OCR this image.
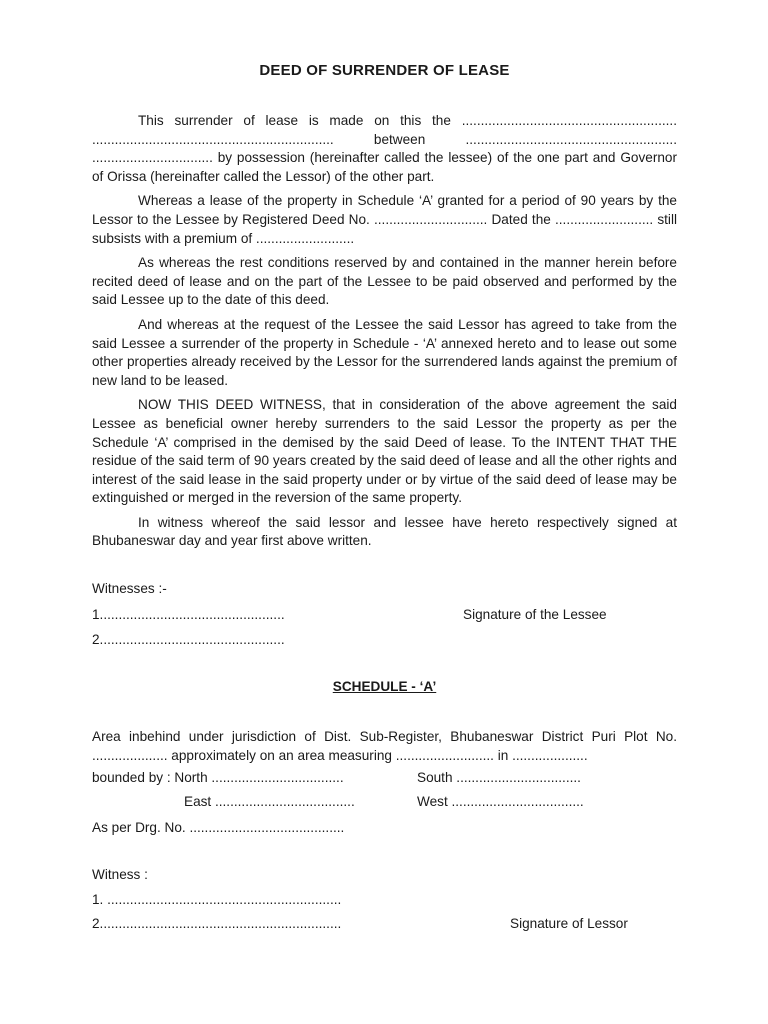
DEED OF SURRENDER OF LEASE

This surrender of lease is made on this the ......................................................... ................................................................ between ........................................................ ................................ by possession (hereinafter called the lessee) of the one part and Governor of Orissa (hereinafter called the Lessor) of the other part.

Whereas a lease of the property in Schedule ‘A’ granted for a period of 90 years by the Lessor to the Lessee by Registered Deed No. .............................. Dated the .......................... still subsists with a premium of ..........................

As whereas the rest conditions reserved by and contained in the manner herein before recited deed of lease and on the part of the Lessee to be paid observed and performed by the said Lessee up to the date of this deed.

And whereas at the request of the Lessee the said Lessor has agreed to take from the said Lessee a surrender of the property in Schedule - ‘A’ annexed hereto and to lease out some other properties already received by the Lessor for the surrendered lands against the premium of new land to be leased.

NOW THIS DEED WITNESS, that in consideration of the above agreement the said Lessee as beneficial owner hereby surrenders to the said Lessor the property as per the Schedule ‘A’ comprised in the demised by the said Deed of lease. To the INTENT THAT THE residue of the said term of 90 years created by the said deed of lease and all the other rights and interest of the said lease in the said property under or by virtue of the said deed of lease may be extinguished or merged in the reversion of the same property.

In witness whereof the said lessor and lessee have hereto respectively signed at Bhubaneswar day and year first above written.

Witnesses :-
1.................................................	Signature of the Lessee
2.................................................
SCHEDULE - ‘A’

Area inbehind under jurisdiction of Dist. Sub-Register, Bhubaneswar District Puri Plot No. .................... approximately on an area measuring .......................... in ....................

bounded by : North ...................................	South .................................
East .....................................	West ...................................
As per Drg. No. .........................................
Witness :
1. ..............................................................
2................................................................	Signature of Lessor
